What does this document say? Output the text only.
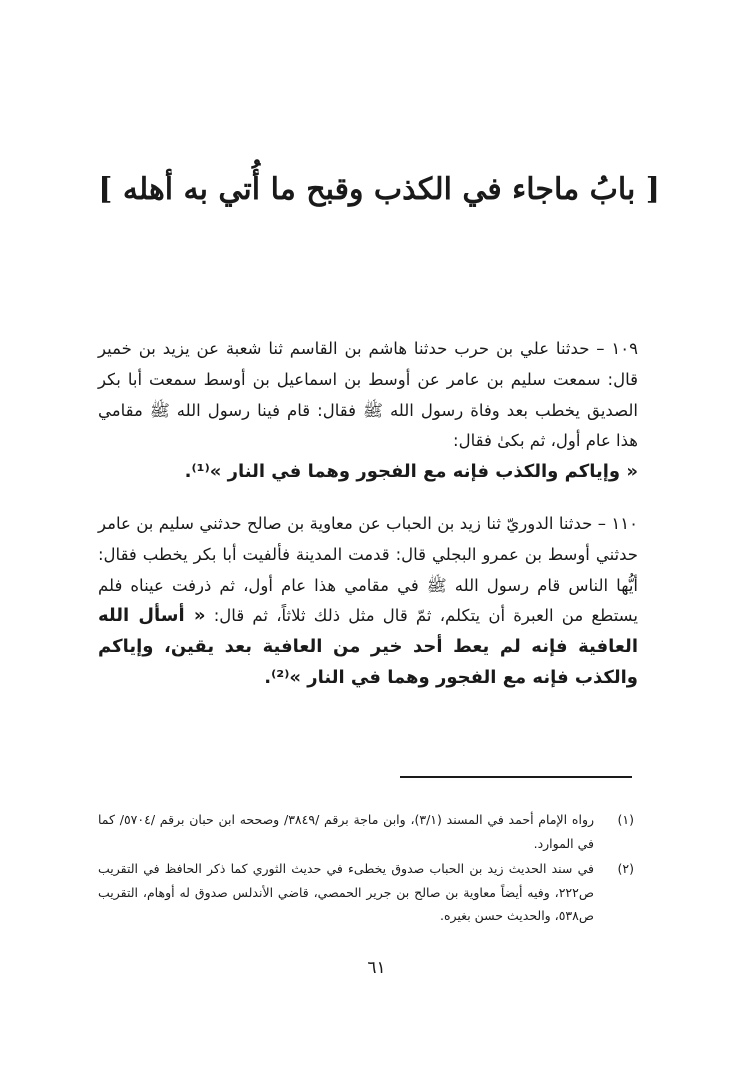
[ بابُ ماجاء في الكذب وقبح ما أُتي به أهله ]

١٠٩ – حدثنا علي بن حرب حدثنا هاشم بن القاسم ثنا شعبة عن يزيد بن خمير قال: سمعت سليم بن عامر عن أوسط بن اسماعيل بن أوسط سمعت أبا بكر الصديق يخطب بعد وفاة رسول الله ﷺ فقال: قام فينا رسول الله ﷺ مقامي هذا عام أول، ثم بكىٰ فقال:
« وإياكم والكذب فإنه مع الفجور وهما في النار »⁽¹⁾.

١١٠ – حدثنا الدوريّ ثنا زيد بن الحباب عن معاوية بن صالح حدثني سليم بن عامر حدثني أوسط بن عمرو البجلي قال: قدمت المدينة فألفيت أبا بكر يخطب فقال: أيُّها الناس قام رسول الله ﷺ في مقامي هذا عام أول، ثم ذرفت عيناه فلم يستطع من العبرة أن يتكلم، ثمّ قال مثل ذلك ثلاثاً، ثم قال: « أسأل الله العافية فإنه لم يعط أحد خير من العافية بعد يقين، وإياكم والكذب فإنه مع الفجور وهما في النار »⁽²⁾.

(١)
رواه الإمام أحمد في المسند (٣/١)، وابن ماجة برقم /٣٨٤٩/ وصححه ابن حبان برقم /٥٧٠٤/ كما في الموارد.
(٢)
في سند الحديث زيد بن الحباب صدوق يخطىء في حديث الثوري كما ذكر الحافظ في التقريب ص٢٢٢، وفيه أيضاً معاوية بن صالح بن جرير الحمصي، قاضي الأندلس صدوق له أوهام، التقريب ص٥٣٨، والحديث حسن بغيره.
٦١
